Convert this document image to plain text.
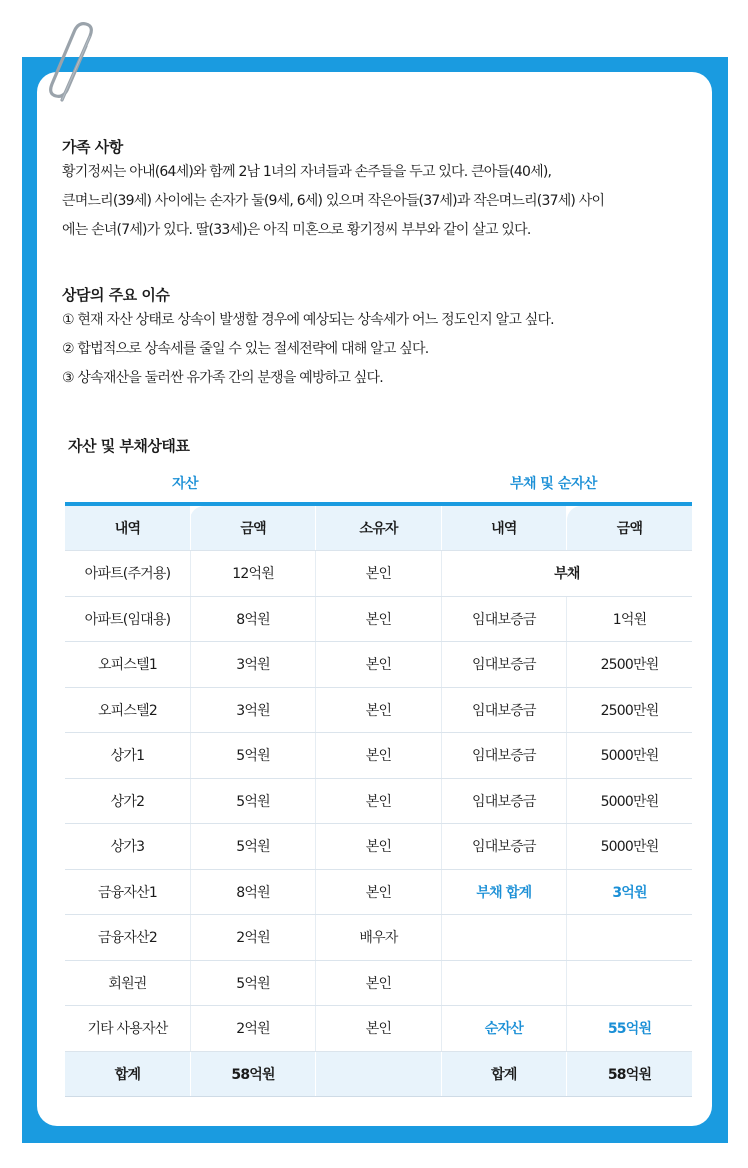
가족 사항

황기정씨는 아내(64세)와 함께 2남 1녀의 자녀들과 손주들을 두고 있다. 큰아들(40세),

큰며느리(39세) 사이에는 손자가 둘(9세, 6세) 있으며 작은아들(37세)과 작은며느리(37세) 사이

에는 손녀(7세)가 있다. 딸(33세)은 아직 미혼으로 황기정씨 부부와 같이 살고 있다.

상담의 주요 이슈

① 현재 자산 상태로 상속이 발생할 경우에 예상되는 상속세가 어느 정도인지 알고 싶다.

② 합법적으로 상속세를 줄일 수 있는 절세전략에 대해 알고 싶다.

③ 상속재산을 둘러싼 유가족 간의 분쟁을 예방하고 싶다.

자산 및 부채상태표
자산	부채 및 순자산
내역	금액	소유자	내역	금액
아파트(주거용)	12억원	본인	부채	
아파트(임대용)	8억원	본인	임대보증금	1억원
오피스텔1	3억원	본인	임대보증금	2500만원
오피스텔2	3억원	본인	임대보증금	2500만원
상가1	5억원	본인	임대보증금	5000만원
상가2	5억원	본인	임대보증금	5000만원
상가3	5억원	본인	임대보증금	5000만원
금융자산1	8억원	본인	부채 합계	3억원
금융자산2	2억원	배우자		
회원권	5억원	본인		
기타 사용자산	2억원	본인	순자산	55억원
합계	58억원		합계	58억원
